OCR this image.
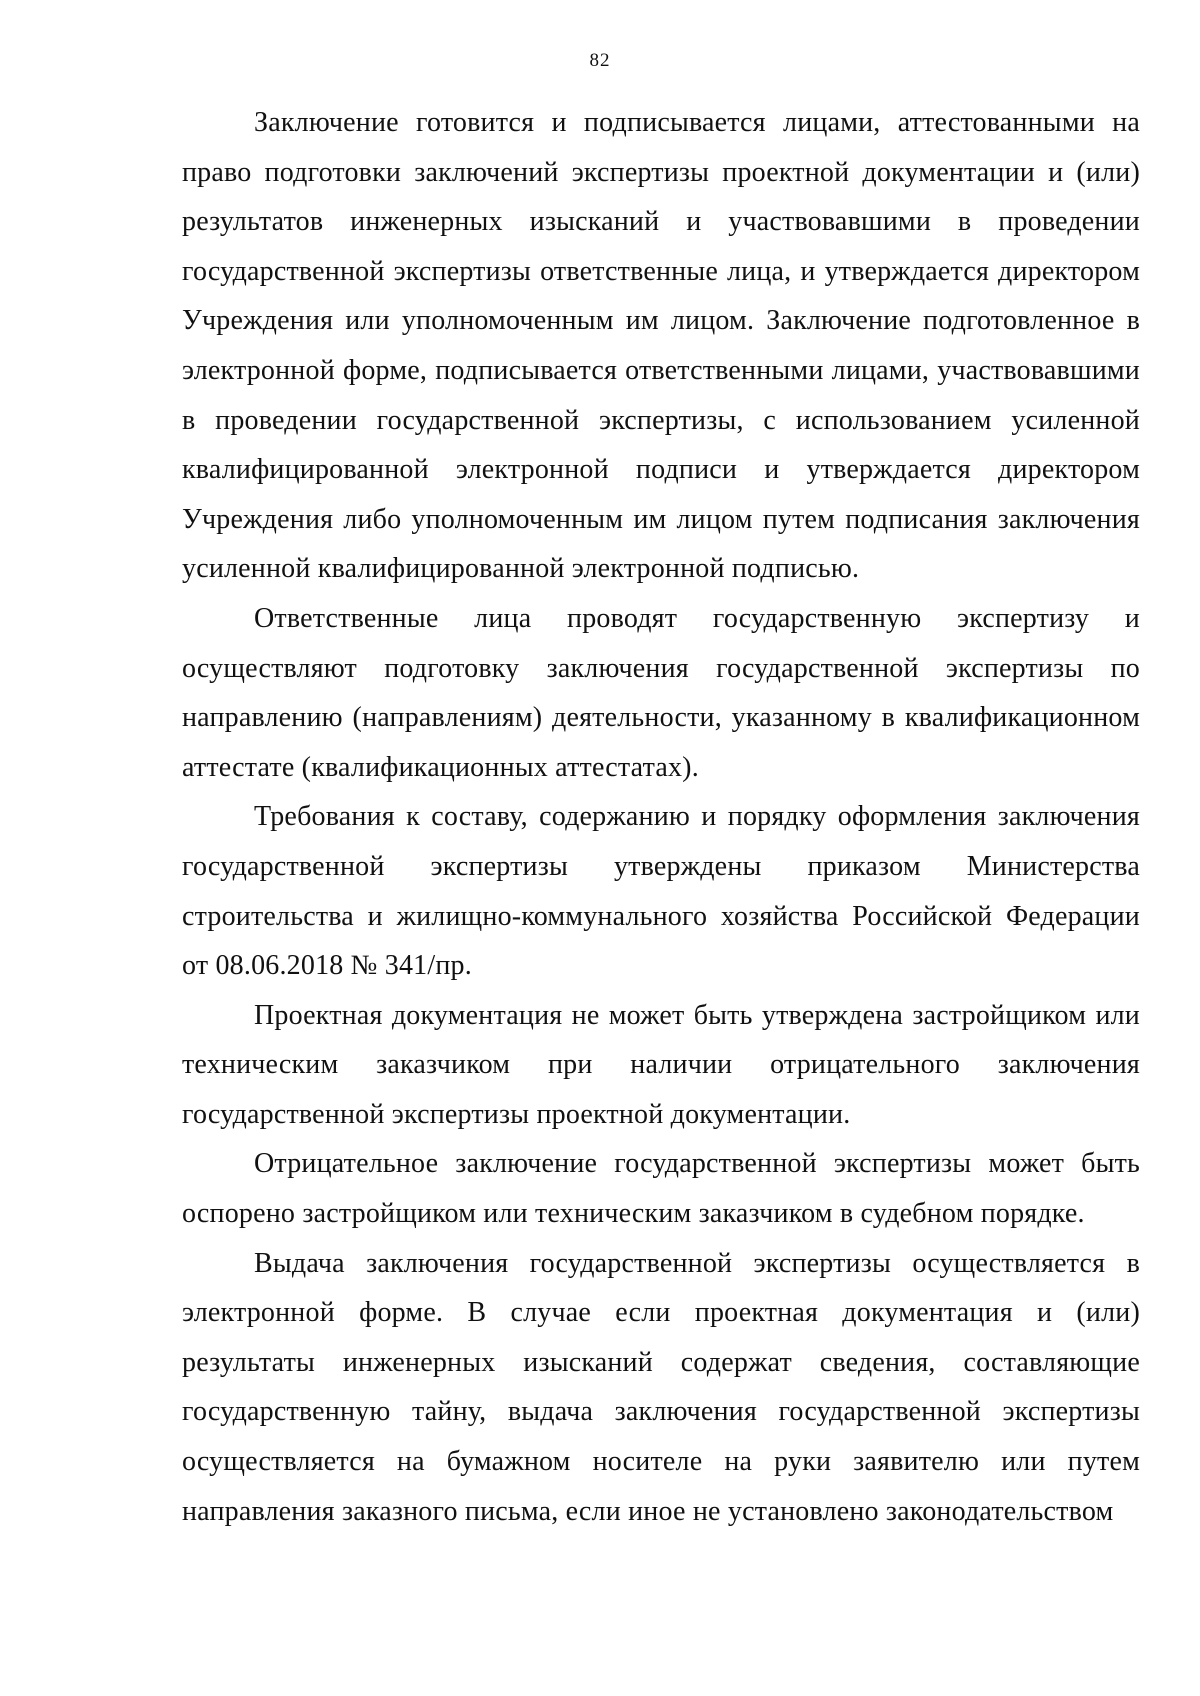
82

Заключение готовится и подписывается лицами, аттестованными на право подготовки заключений экспертизы проектной документации и (или) результатов инженерных изысканий и участвовавшими в проведении государственной экспертизы ответственные лица, и утверждается директором Учреждения или уполномоченным им лицом. Заключение подготовленное в электронной форме, подписывается ответственными лицами, участвовавшими в проведении государственной экспертизы, с использованием усиленной квалифицированной электронной подписи и утверждается директором Учреждения либо уполномоченным им лицом путем подписания заключения усиленной квалифицированной электронной подписью.

Ответственные лица проводят государственную экспертизу и осуществляют подготовку заключения государственной экспертизы по направлению (направлениям) деятельности, указанному в квалификационном аттестате (квалификационных аттестатах).

Требования к составу, содержанию и порядку оформления заключения государственной экспертизы утверждены приказом Министерства строительства и жилищно-коммунального хозяйства Российской Федерации от 08.06.2018 № 341/пр.

Проектная документация не может быть утверждена застройщиком или техническим заказчиком при наличии отрицательного заключения государственной экспертизы проектной документации.

Отрицательное заключение государственной экспертизы может быть оспорено застройщиком или техническим заказчиком в судебном порядке.

Выдача заключения государственной экспертизы осуществляется в электронной форме. В случае если проектная документация и (или) результаты инженерных изысканий содержат сведения, составляющие государственную тайну, выдача заключения государственной экспертизы осуществляется на бумажном носителе на руки заявителю или путем направления заказного письма, если иное не установлено законодательством
